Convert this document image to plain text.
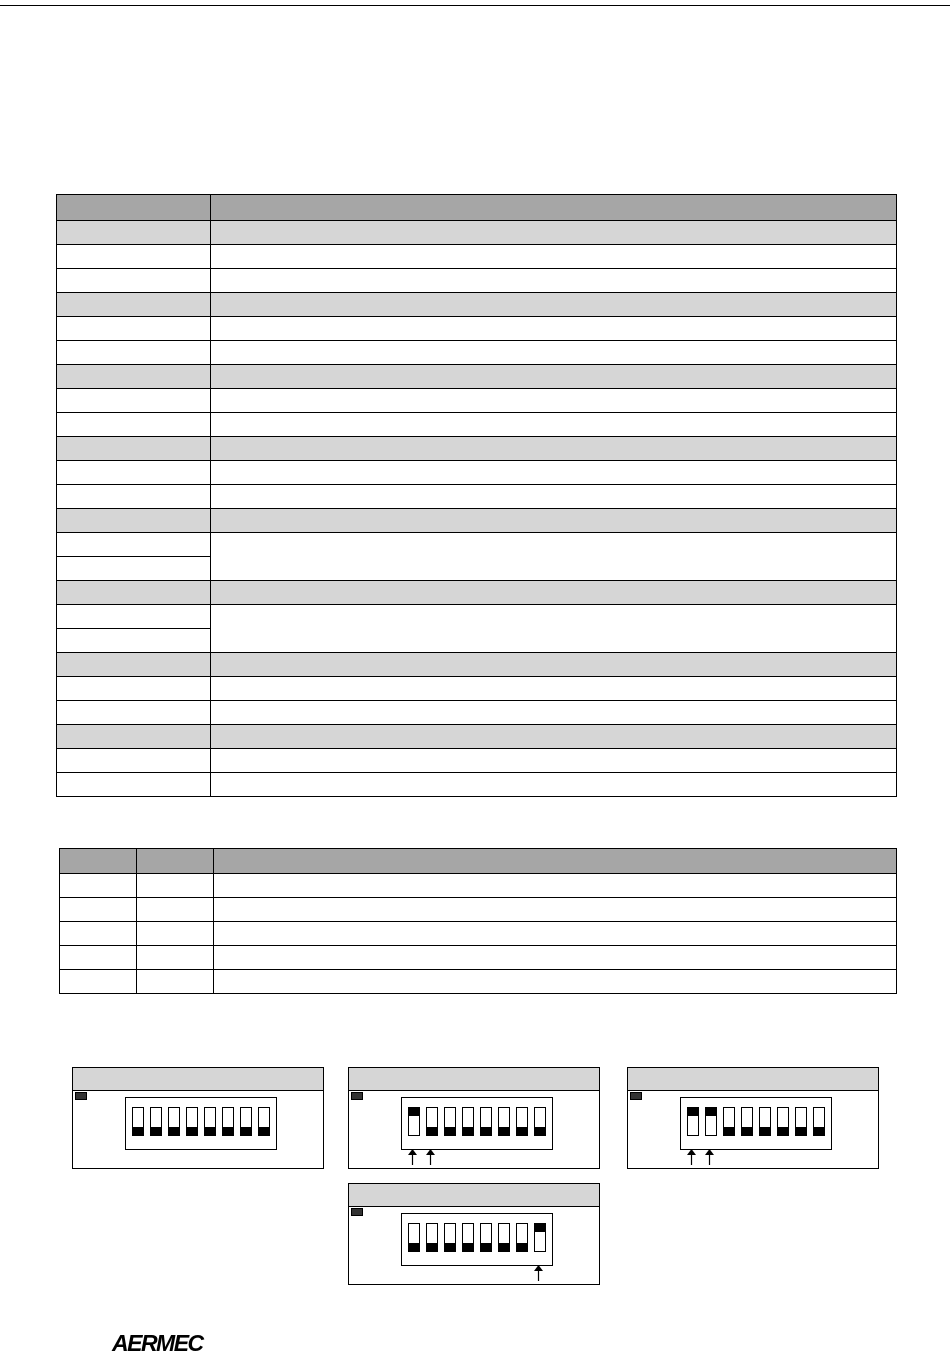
AERMEC
